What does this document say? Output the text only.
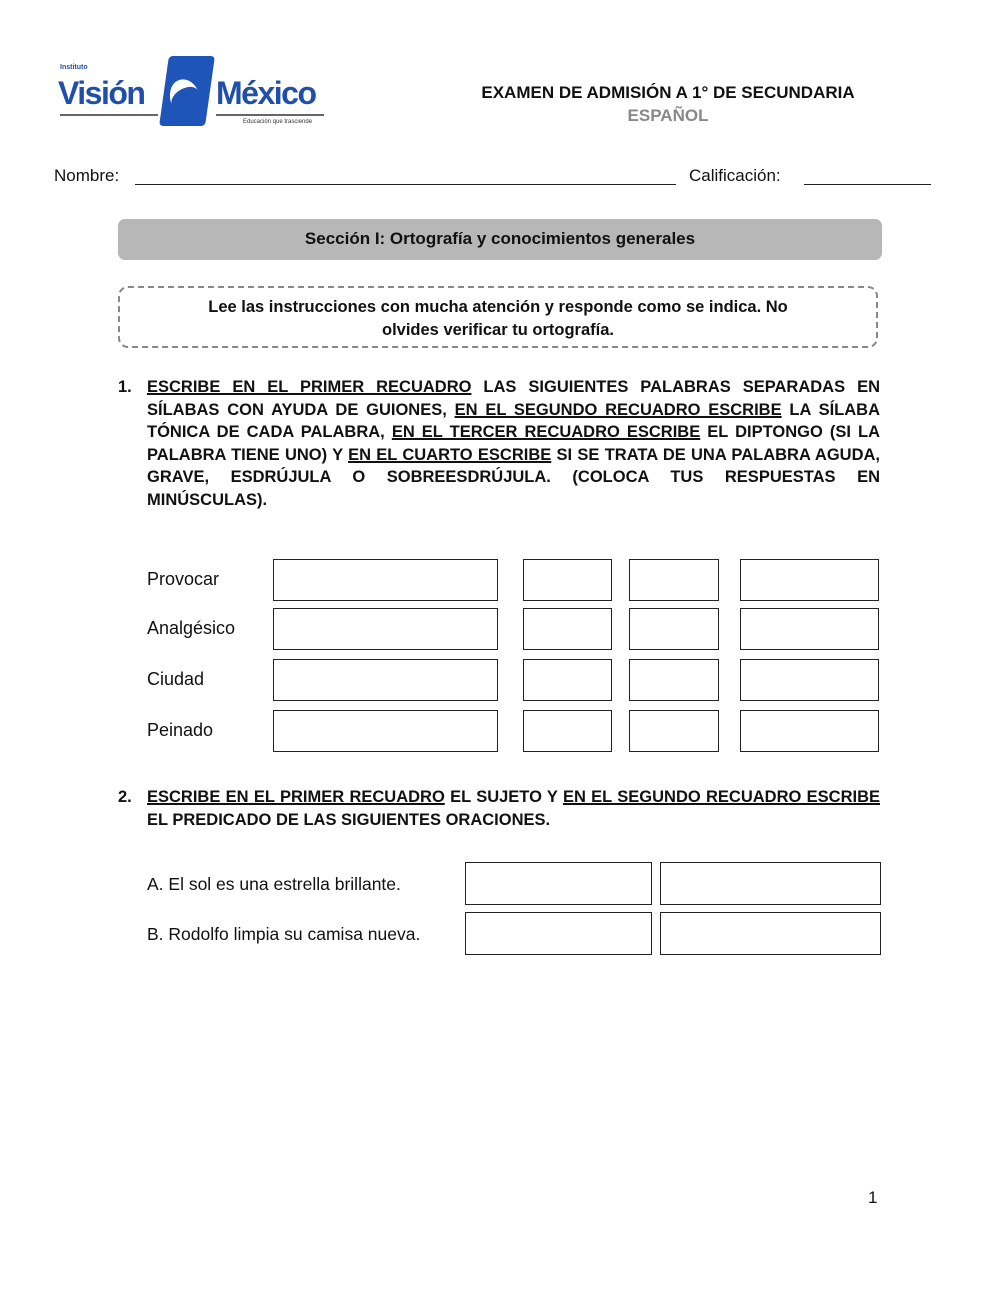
Instituto
Visión México
Educación que trasciende
EXAMEN DE ADMISIÓN A 1° DE SECUNDARIA
ESPAÑOL
Nombre:	Calificación:
Sección I: Ortografía y conocimientos generales
Lee las instrucciones con mucha atención y responde como se indica. No
olvides verificar tu ortografía.
1. ESCRIBE EN EL PRIMER RECUADRO LAS SIGUIENTES PALABRAS SEPARADAS EN SÍLABAS CON AYUDA DE GUIONES, EN EL SEGUNDO RECUADRO ESCRIBE LA SÍLABA TÓNICA DE CADA PALABRA, EN EL TERCER RECUADRO ESCRIBE EL DIPTONGO (SI LA PALABRA TIENE UNO) Y EN EL CUARTO ESCRIBE SI SE TRATA DE UNA PALABRA AGUDA, GRAVE, ESDRÚJULA O SOBREESDRÚJULA. (COLOCA TUS RESPUESTAS EN MINÚSCULAS).
Provocar
Analgésico
Ciudad
Peinado
2. ESCRIBE EN EL PRIMER RECUADRO EL SUJETO Y EN EL SEGUNDO RECUADRO ESCRIBE EL PREDICADO DE LAS SIGUIENTES ORACIONES.
A. El sol es una estrella brillante.
B. Rodolfo limpia su camisa nueva.
1
